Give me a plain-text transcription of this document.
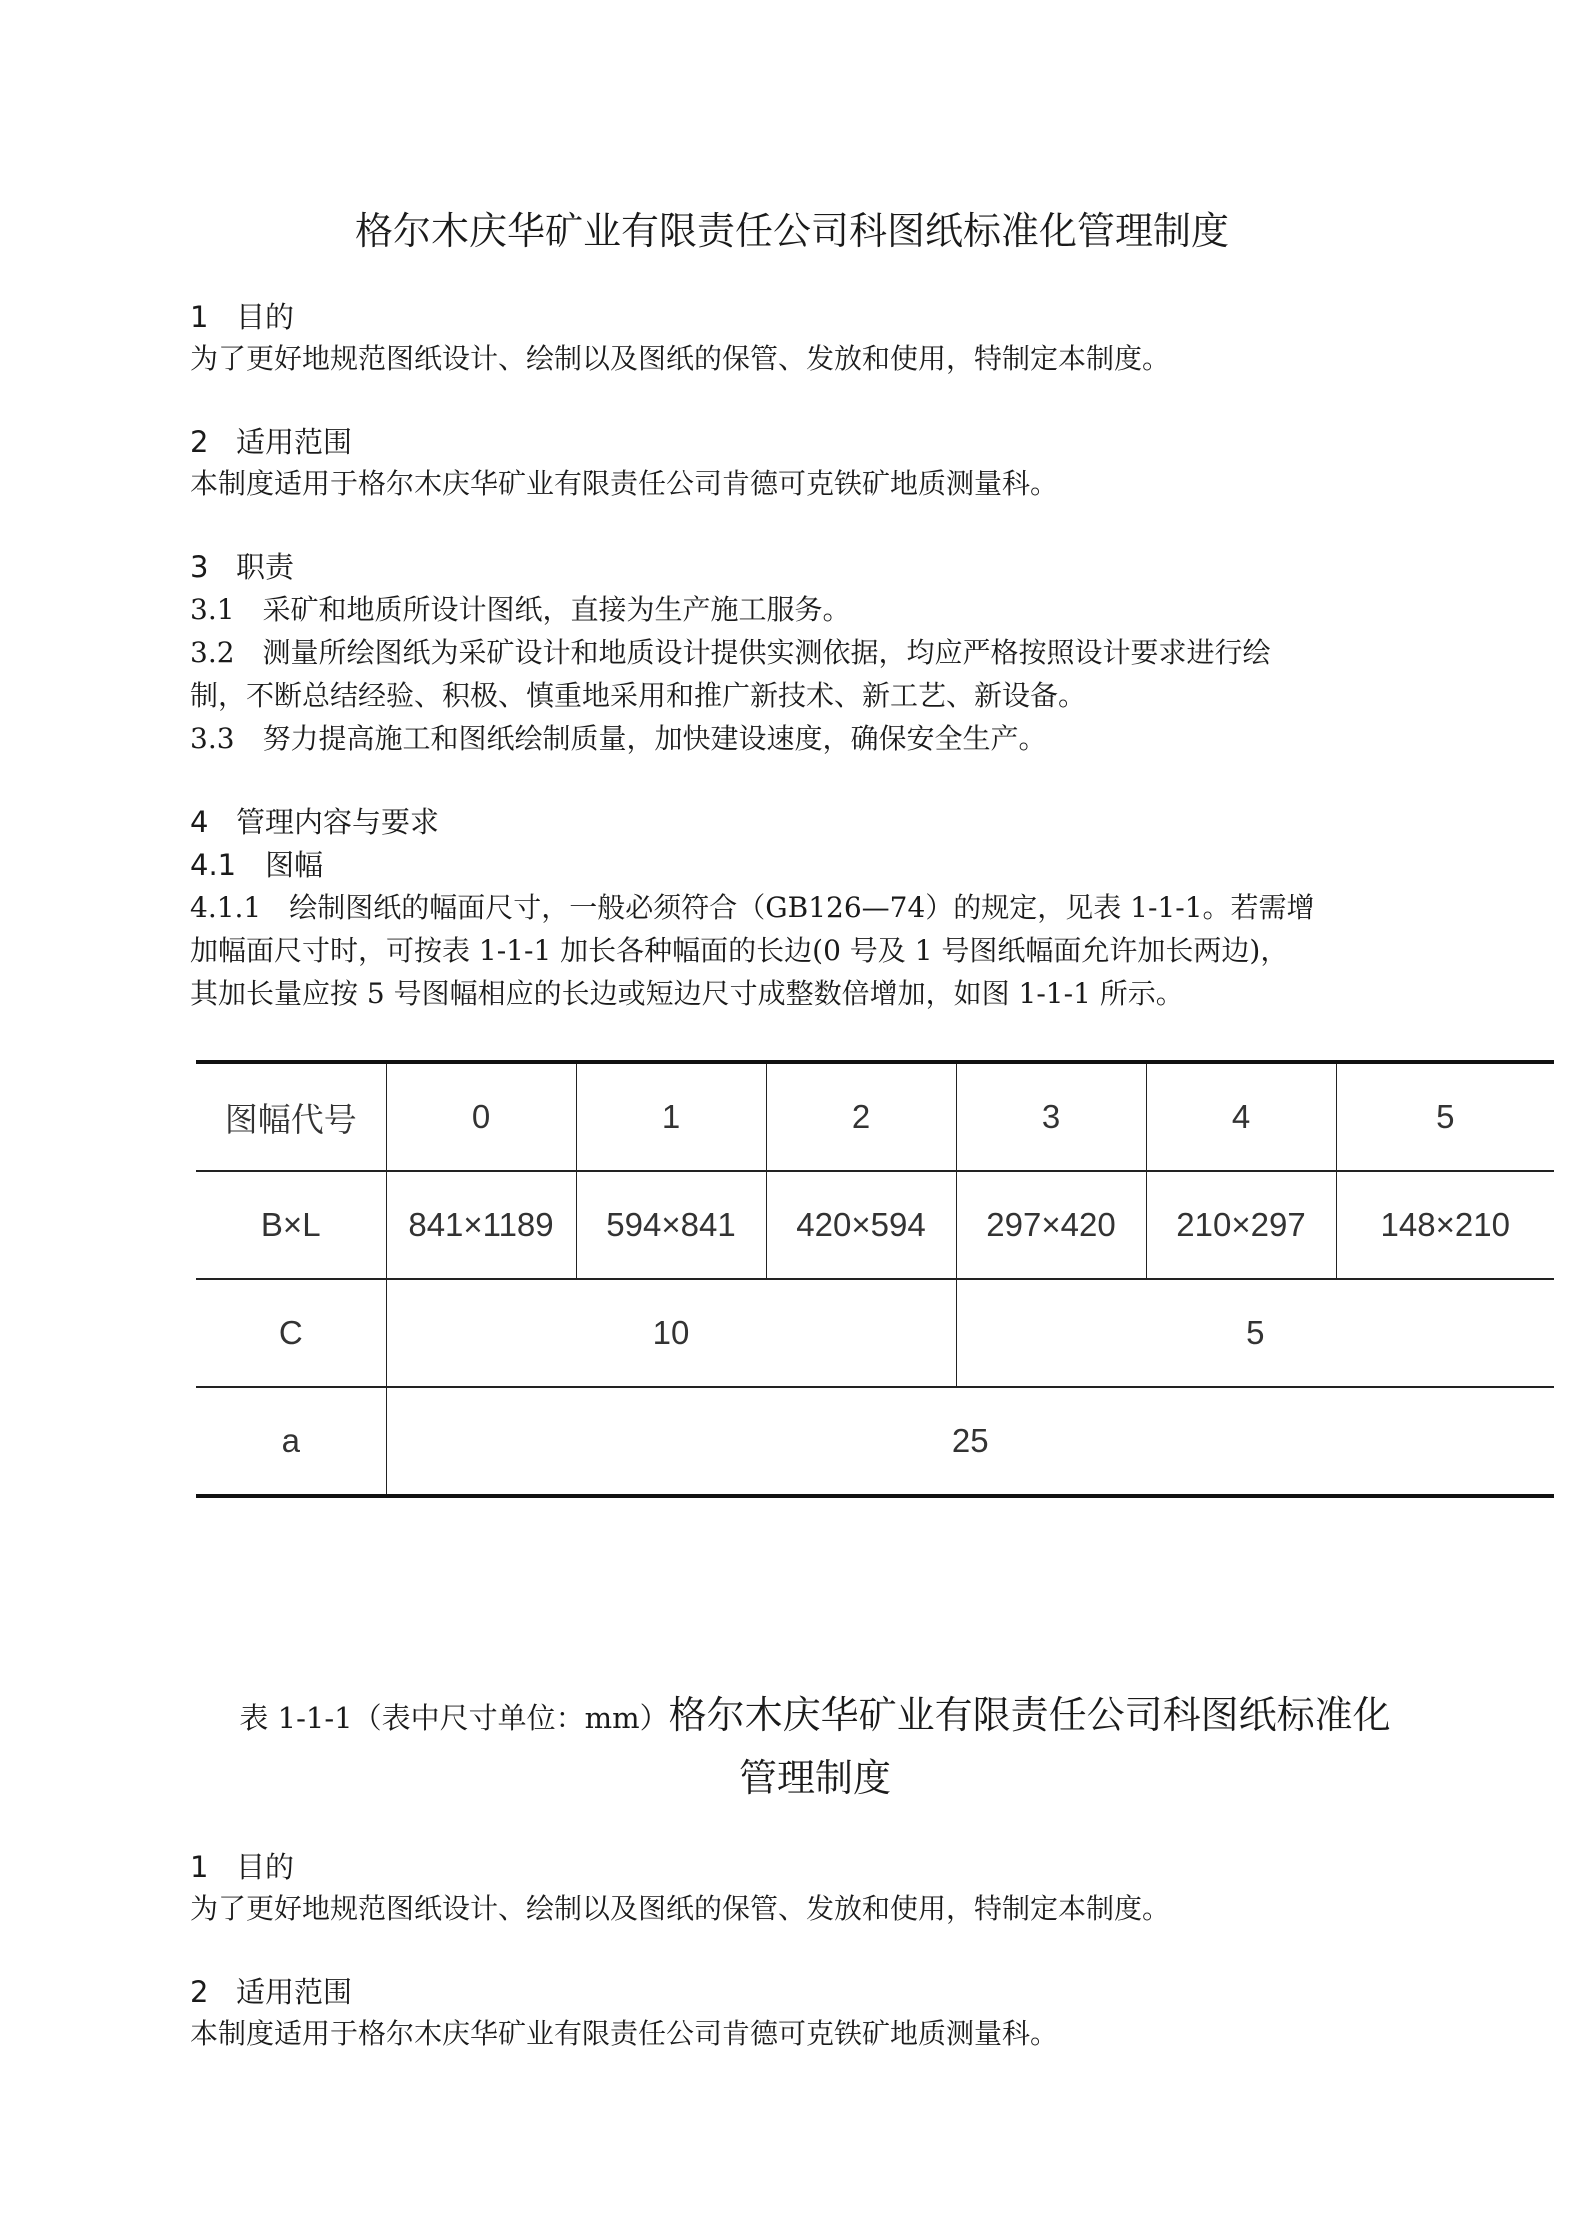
格尔木庆华矿业有限责任公司科图纸标准化管理制度
1 目的
为了更好地规范图纸设计、绘制以及图纸的保管、发放和使用，特制定本制度。
2 适用范围
本制度适用于格尔木庆华矿业有限责任公司肯德可克铁矿地质测量科。
3 职责
3.1　采矿和地质所设计图纸，直接为生产施工服务。
3.2　测量所绘图纸为采矿设计和地质设计提供实测依据，均应严格按照设计要求进行绘
制，不断总结经验、积极、慎重地采用和推广新技术、新工艺、新设备。
3.3　努力提高施工和图纸绘制质量，加快建设速度，确保安全生产。
4 管理内容与要求
4.1　图幅
4.1.1　绘制图纸的幅面尺寸，一般必须符合（GB126—74）的规定，见表 1-1-1。若需增
加幅面尺寸时，可按表 1-1-1 加长各种幅面的长边(0 号及 1 号图纸幅面允许加长两边)，
其加长量应按 5 号图幅相应的长边或短边尺寸成整数倍增加，如图 1-1-1 所示。
图幅代号	0	1	2	3	4	5
B×L	841×1189	594×841	420×594	297×420	210×297	148×210
C	10			5		
a	25					
表 1-1-1（表中尺寸单位：mm）格尔木庆华矿业有限责任公司科图纸标准化
管理制度
1 目的
为了更好地规范图纸设计、绘制以及图纸的保管、发放和使用，特制定本制度。
2 适用范围
本制度适用于格尔木庆华矿业有限责任公司肯德可克铁矿地质测量科。
